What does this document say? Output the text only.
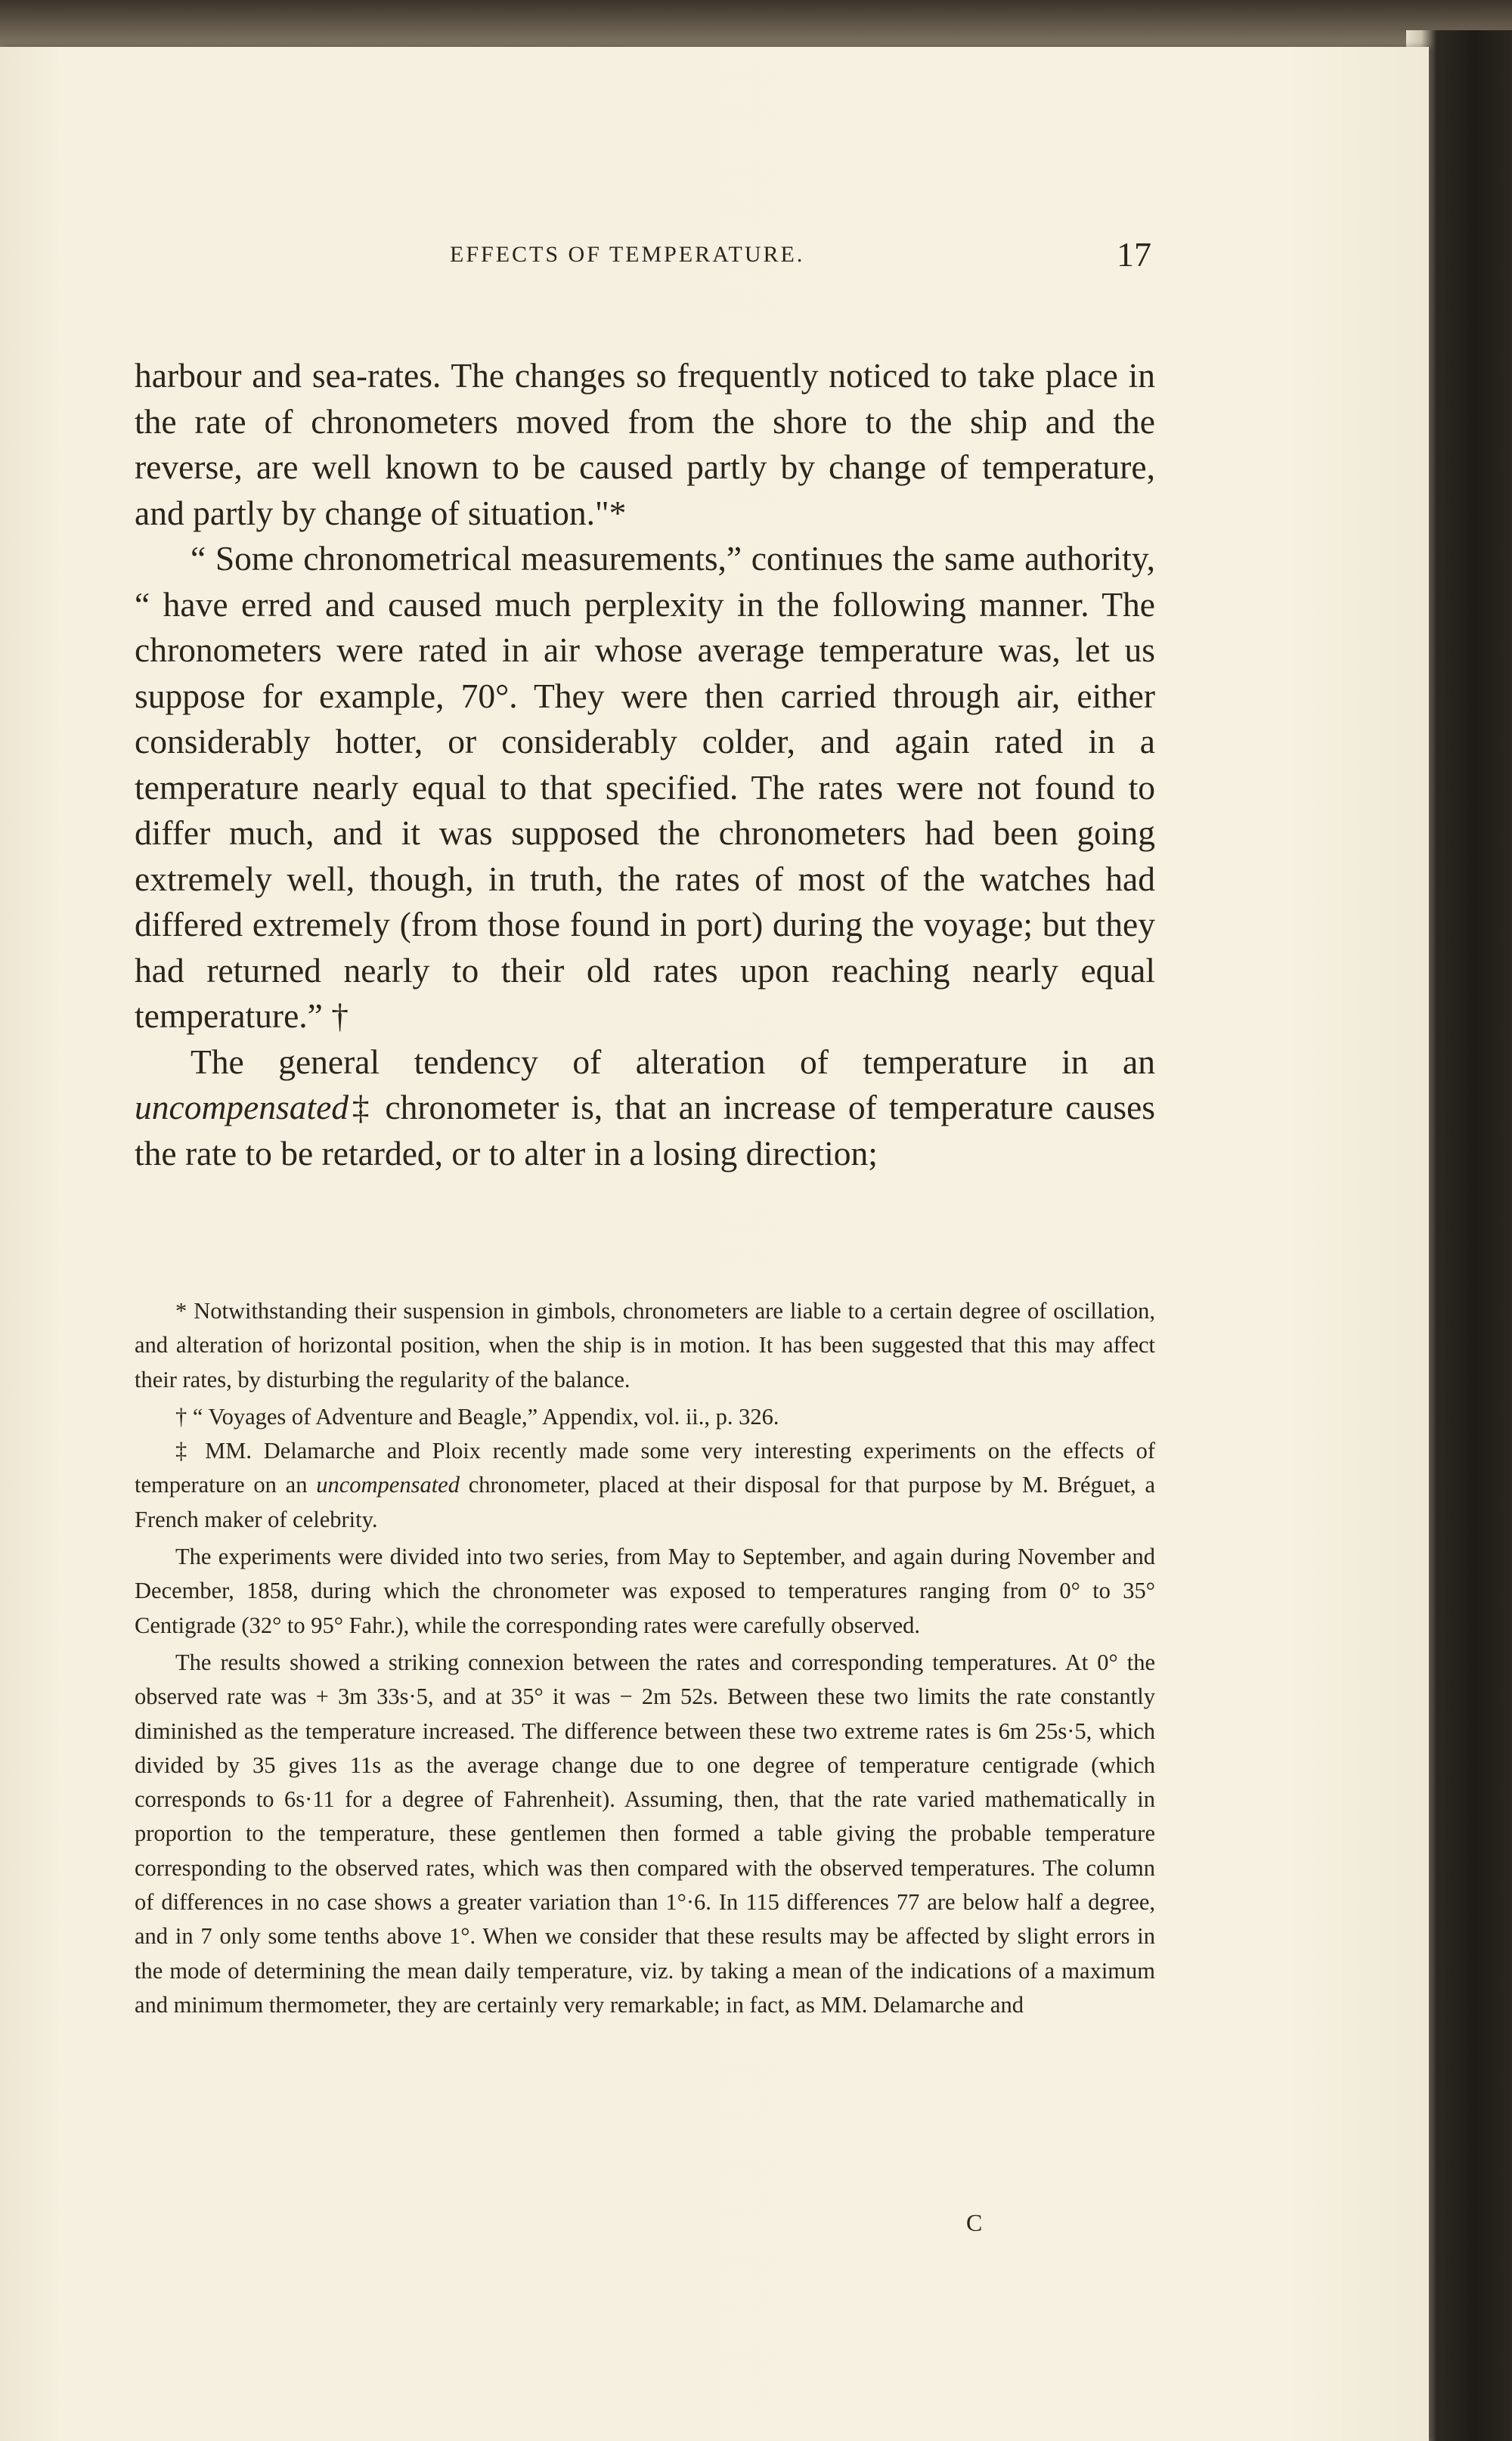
EFFECTS OF TEMPERATURE.	17

harbour and sea-rates. The changes so frequently noticed to take place in the rate of chronometers moved from the shore to the ship and the reverse, are well known to be caused partly by change of temperature, and partly by change of situation."*

“ Some chronometrical measurements,” continues the same authority, “ have erred and caused much perplexity in the following manner. The chronometers were rated in air whose average temperature was, let us suppose for example, 70°. They were then carried through air, either considerably hotter, or considerably colder, and again rated in a temperature nearly equal to that specified. The rates were not found to differ much, and it was supposed the chronometers had been going extremely well, though, in truth, the rates of most of the watches had differed extremely (from those found in port) during the voyage; but they had returned nearly to their old rates upon reaching nearly equal temperature.” †

The general tendency of alteration of temperature in an uncompensated‡ chronometer is, that an increase of temperature causes the rate to be retarded, or to alter in a losing direction;

* Notwithstanding their suspension in gimbols, chronometers are liable to a certain degree of oscillation, and alteration of horizontal position, when the ship is in motion. It has been suggested that this may affect their rates, by disturbing the regularity of the balance.

† “ Voyages of Adventure and Beagle,” Appendix, vol. ii., p. 326.

‡ MM. Delamarche and Ploix recently made some very interesting experiments on the effects of temperature on an uncompensated chronometer, placed at their disposal for that purpose by M. Bréguet, a French maker of celebrity.

The experiments were divided into two series, from May to September, and again during November and December, 1858, during which the chronometer was exposed to temperatures ranging from 0° to 35° Centigrade (32° to 95° Fahr.), while the corresponding rates were carefully observed.

The results showed a striking connexion between the rates and corresponding temperatures. At 0° the observed rate was + 3m 33s·5, and at 35° it was − 2m 52s. Between these two limits the rate constantly diminished as the temperature increased. The difference between these two extreme rates is 6m 25s·5, which divided by 35 gives 11s as the average change due to one degree of temperature centigrade (which corresponds to 6s·11 for a degree of Fahrenheit). Assuming, then, that the rate varied mathematically in proportion to the temperature, these gentlemen then formed a table giving the probable temperature corresponding to the observed rates, which was then compared with the observed temperatures. The column of differences in no case shows a greater variation than 1°·6. In 115 differences 77 are below half a degree, and in 7 only some tenths above 1°. When we consider that these results may be affected by slight errors in the mode of determining the mean daily temperature, viz. by taking a mean of the indications of a maximum and minimum thermometer, they are certainly very remarkable; in fact, as MM. Delamarche and

C
